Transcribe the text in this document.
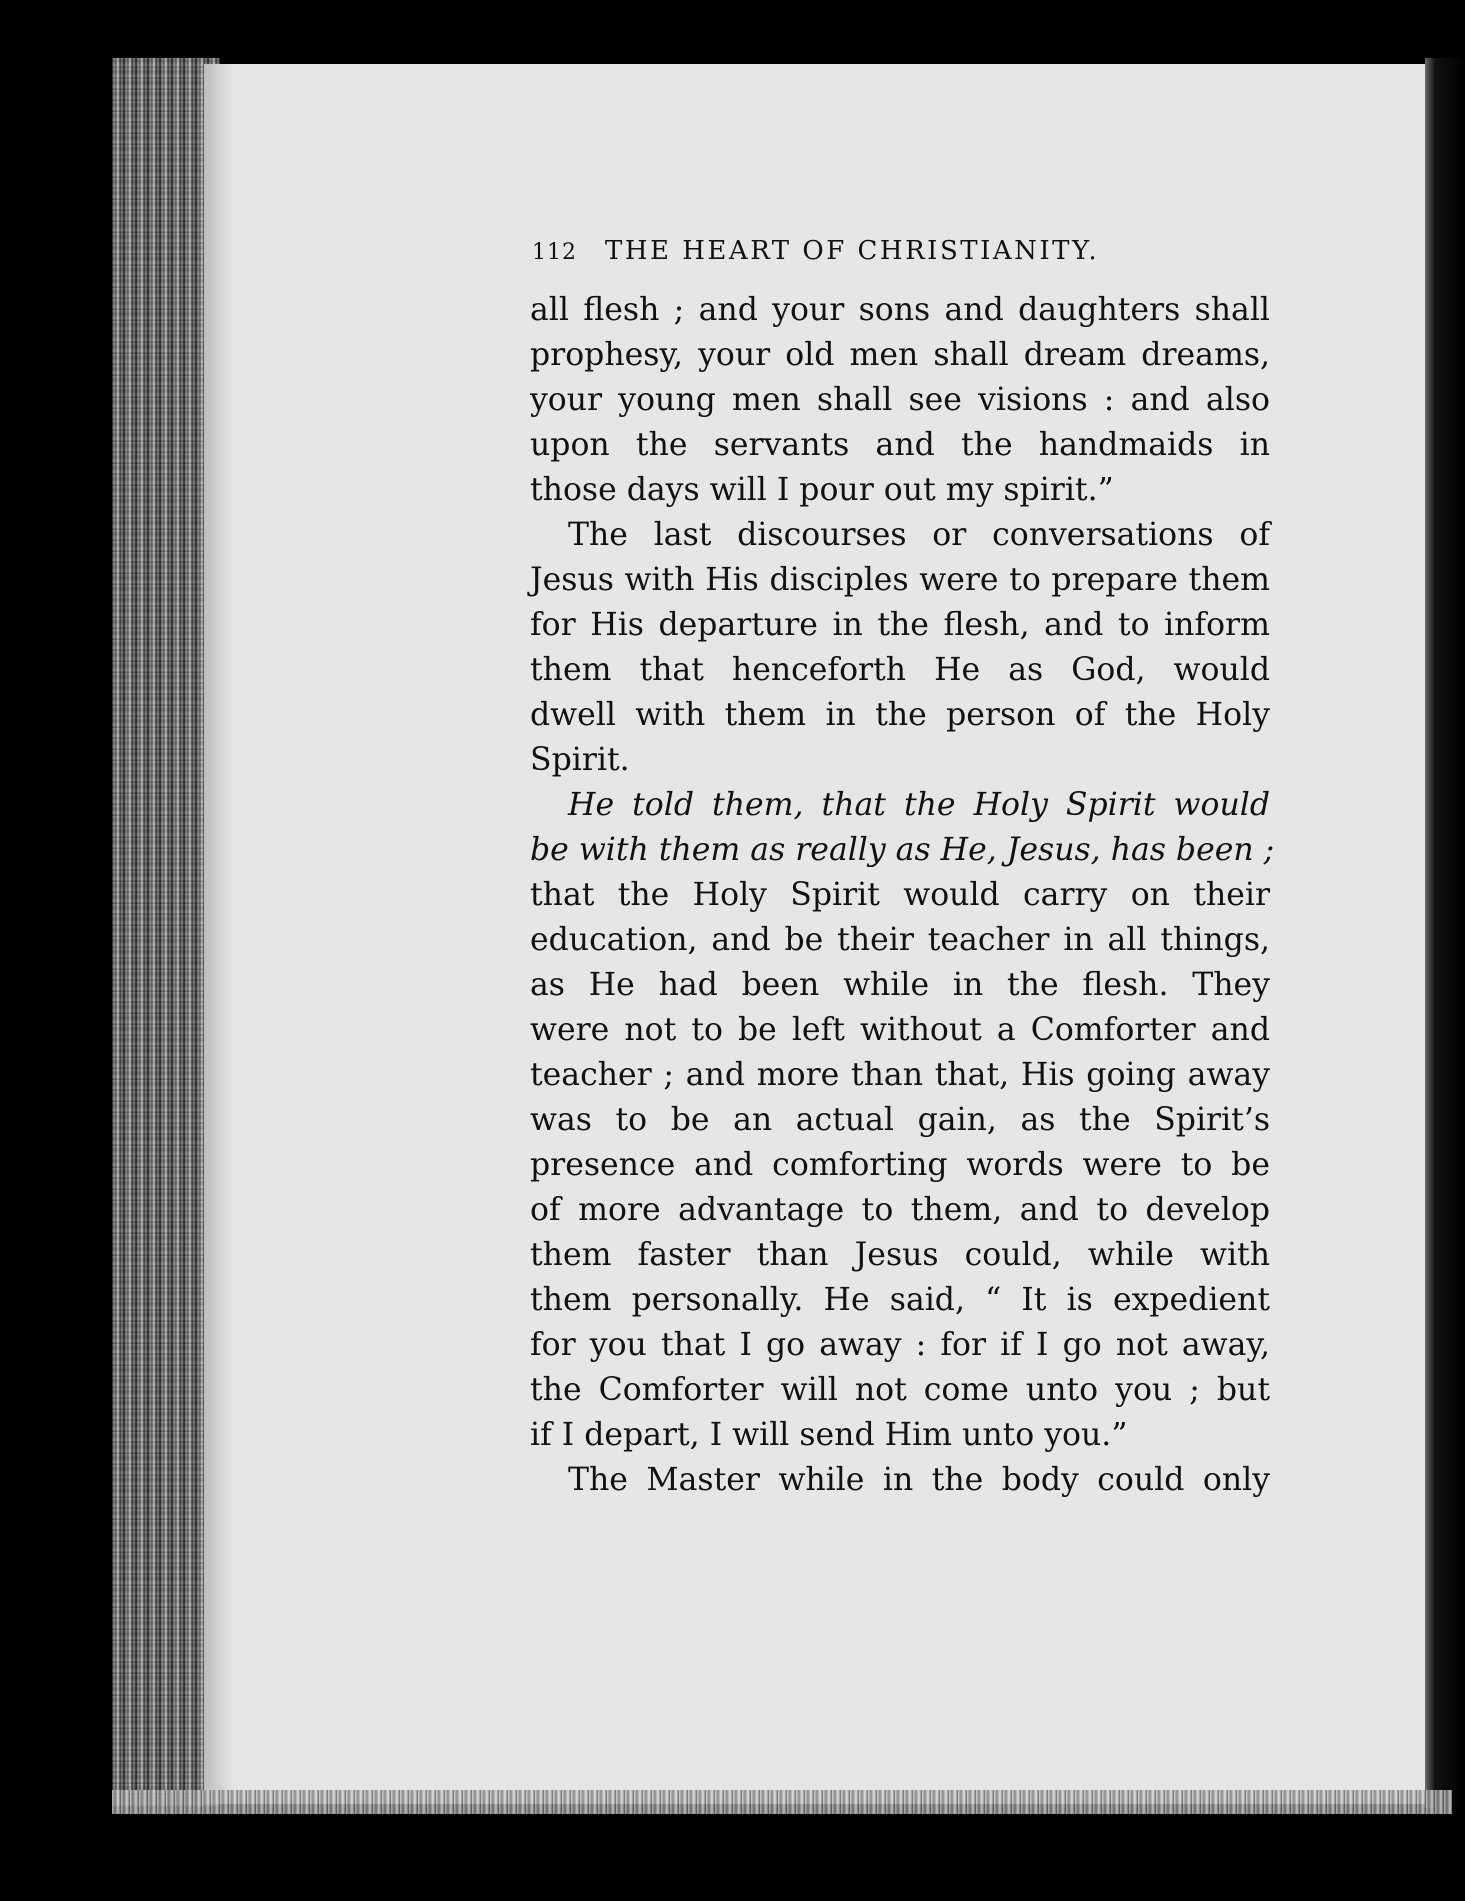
112 THE HEART OF CHRISTIANITY.
all flesh ; and your sons and daughters shall
prophesy, your old men shall dream dreams,
your young men shall see visions : and also
upon the servants and the handmaids in
those days will I pour out my spirit.”
The last discourses or conversations of
Jesus with His disciples were to prepare them
for His departure in the flesh, and to inform
them that henceforth He as God, would
dwell with them in the person of the Holy
Spirit.
He told them, that the Holy Spirit would
be with them as really as He, Jesus, has been ;
that the Holy Spirit would carry on their
education, and be their teacher in all things,
as He had been while in the flesh. They
were not to be left without a Comforter and
teacher ; and more than that, His going away
was to be an actual gain, as the Spirit’s
presence and comforting words were to be
of more advantage to them, and to develop
them faster than Jesus could, while with
them personally. He said, “ It is expedient
for you that I go away : for if I go not away,
the Comforter will not come unto you ; but
if I depart, I will send Him unto you.”
The Master while in the body could only
